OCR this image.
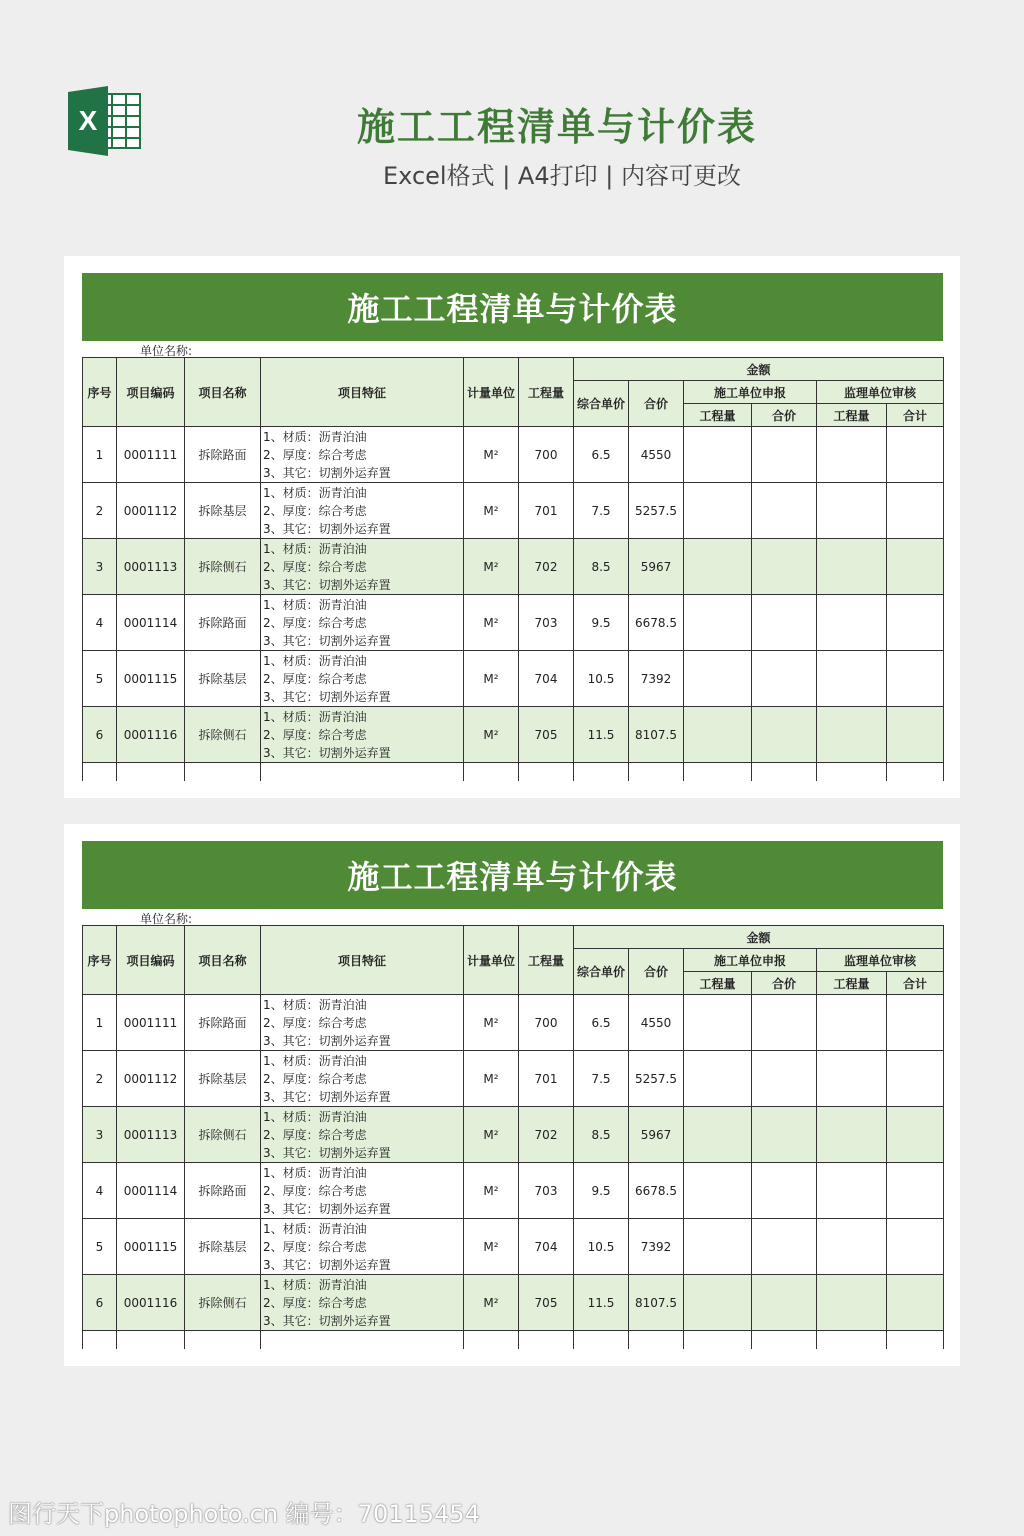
X	施工工程清单与计价表
Excel格式 | A4打印 | 内容可更改
施工工程清单与计价表
单位名称:
序号	项目编码	项目名称	项目特征	计量单位	工程量	金额					
						综合单价	合价	施工单位申报		监理单位审核	
								工程量	合价	工程量	合计
1	0001111	拆除路面	1、材质：沥青泊油
2、厚度：综合考虑
3、其它：切割外运弃置	M²	700	6.5	4550				
2	0001112	拆除基层	1、材质：沥青泊油
2、厚度：综合考虑
3、其它：切割外运弃置	M²	701	7.5	5257.5				
3	0001113	拆除侧石	1、材质：沥青泊油
2、厚度：综合考虑
3、其它：切割外运弃置	M²	702	8.5	5967				
4	0001114	拆除路面	1、材质：沥青泊油
2、厚度：综合考虑
3、其它：切割外运弃置	M²	703	9.5	6678.5				
5	0001115	拆除基层	1、材质：沥青泊油
2、厚度：综合考虑
3、其它：切割外运弃置	M²	704	10.5	7392				
6	0001116	拆除侧石	1、材质：沥青泊油
2、厚度：综合考虑
3、其它：切割外运弃置	M²	705	11.5	8107.5				

施工工程清单与计价表
单位名称:
序号	项目编码	项目名称	项目特征	计量单位	工程量	金额					
						综合单价	合价	施工单位申报		监理单位审核	
								工程量	合价	工程量	合计
1	0001111	拆除路面	1、材质：沥青泊油
2、厚度：综合考虑
3、其它：切割外运弃置	M²	700	6.5	4550				
2	0001112	拆除基层	1、材质：沥青泊油
2、厚度：综合考虑
3、其它：切割外运弃置	M²	701	7.5	5257.5				
3	0001113	拆除侧石	1、材质：沥青泊油
2、厚度：综合考虑
3、其它：切割外运弃置	M²	702	8.5	5967				
4	0001114	拆除路面	1、材质：沥青泊油
2、厚度：综合考虑
3、其它：切割外运弃置	M²	703	9.5	6678.5				
5	0001115	拆除基层	1、材质：沥青泊油
2、厚度：综合考虑
3、其它：切割外运弃置	M²	704	10.5	7392				
6	0001116	拆除侧石	1、材质：沥青泊油
2、厚度：综合考虑
3、其它：切割外运弃置	M²	705	11.5	8107.5				

图行天下photophoto.cn 编号：70115454
